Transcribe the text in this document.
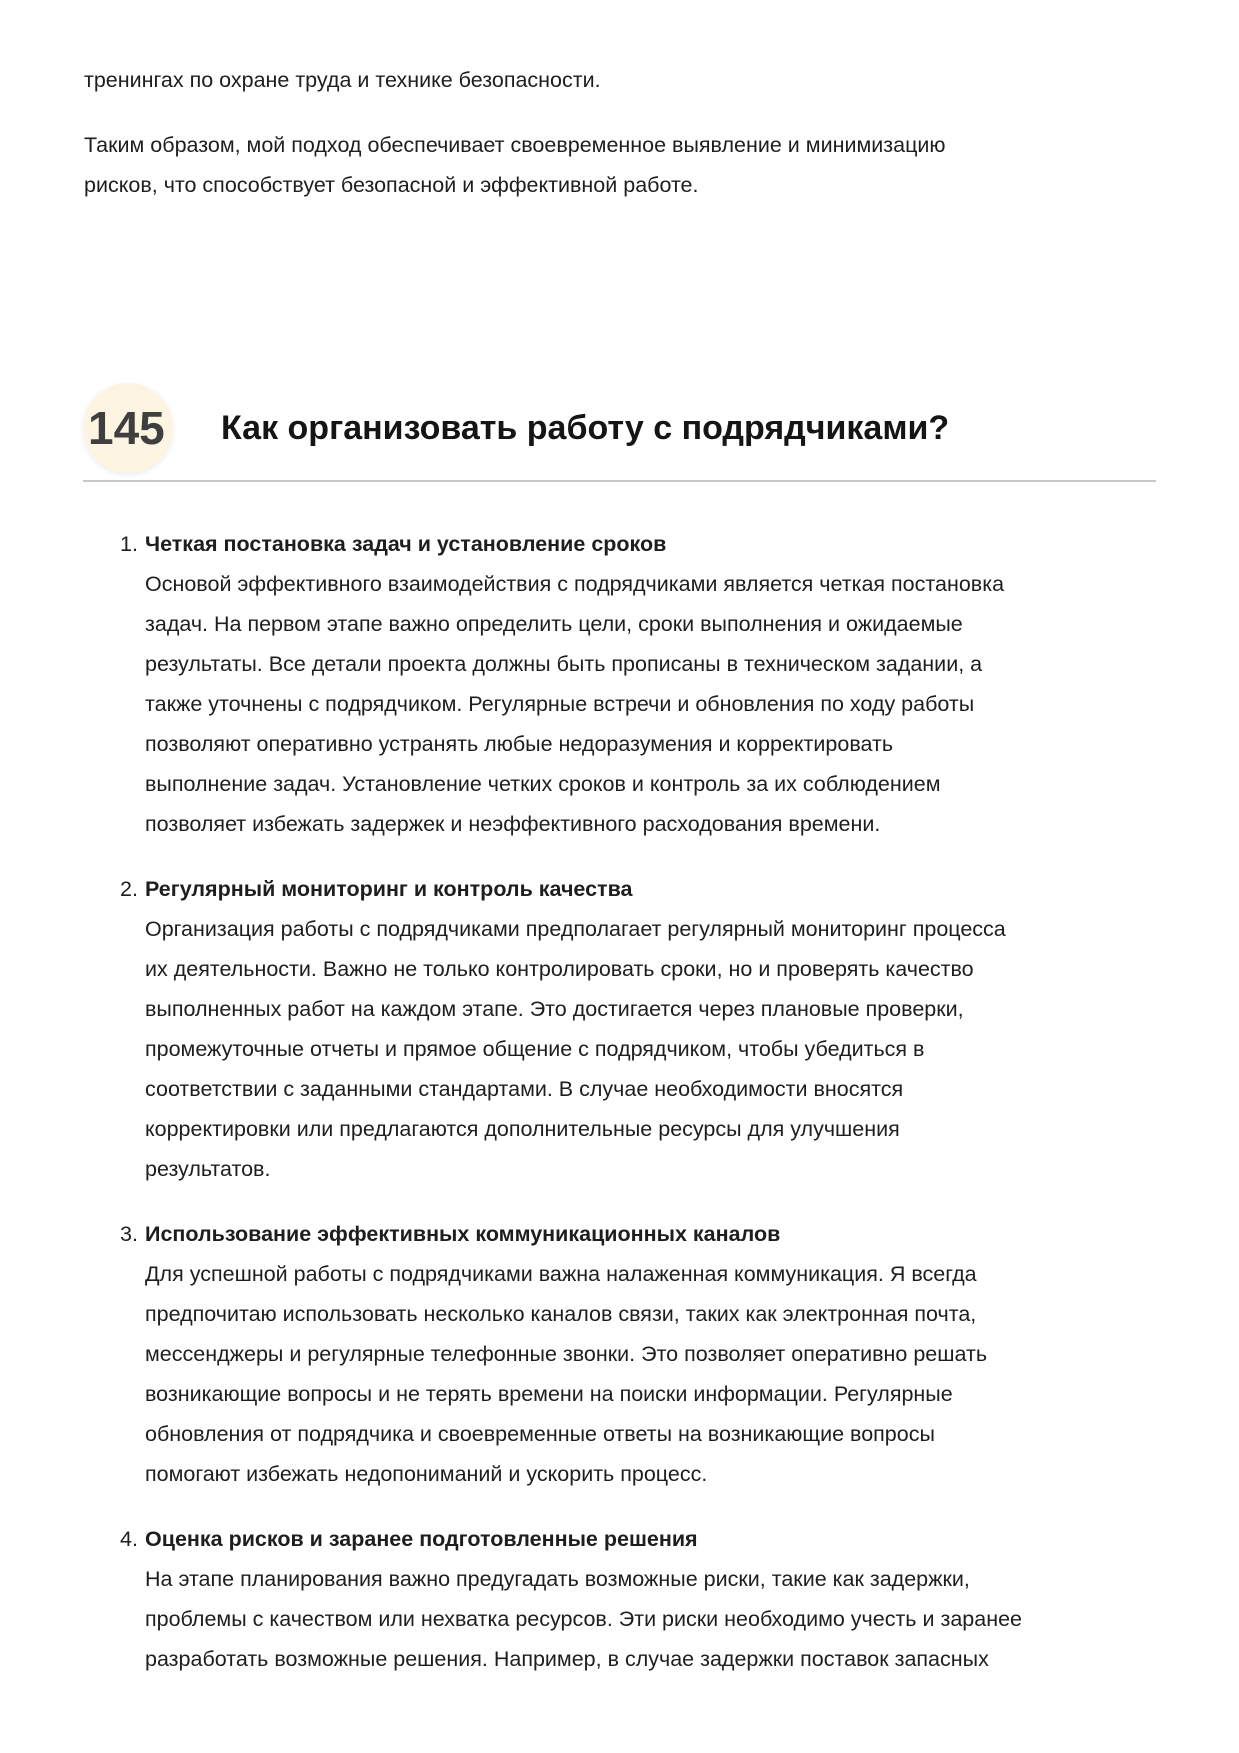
тренингах по охране труда и технике безопасности.
Таким образом, мой подход обеспечивает своевременное выявление и минимизацию
рисков, что способствует безопасной и эффективной работе.
145 Как организовать работу с подрядчиками?
1. Четкая постановка задач и установление сроков
Основой эффективного взаимодействия с подрядчиками является четкая постановка
задач. На первом этапе важно определить цели, сроки выполнения и ожидаемые
результаты. Все детали проекта должны быть прописаны в техническом задании, а
также уточнены с подрядчиком. Регулярные встречи и обновления по ходу работы
позволяют оперативно устранять любые недоразумения и корректировать
выполнение задач. Установление четких сроков и контроль за их соблюдением
позволяет избежать задержек и неэффективного расходования времени.
2. Регулярный мониторинг и контроль качества
Организация работы с подрядчиками предполагает регулярный мониторинг процесса
их деятельности. Важно не только контролировать сроки, но и проверять качество
выполненных работ на каждом этапе. Это достигается через плановые проверки,
промежуточные отчеты и прямое общение с подрядчиком, чтобы убедиться в
соответствии с заданными стандартами. В случае необходимости вносятся
корректировки или предлагаются дополнительные ресурсы для улучшения
результатов.
3. Использование эффективных коммуникационных каналов
Для успешной работы с подрядчиками важна налаженная коммуникация. Я всегда
предпочитаю использовать несколько каналов связи, таких как электронная почта,
мессенджеры и регулярные телефонные звонки. Это позволяет оперативно решать
возникающие вопросы и не терять времени на поиски информации. Регулярные
обновления от подрядчика и своевременные ответы на возникающие вопросы
помогают избежать недопониманий и ускорить процесс.
4. Оценка рисков и заранее подготовленные решения
На этапе планирования важно предугадать возможные риски, такие как задержки,
проблемы с качеством или нехватка ресурсов. Эти риски необходимо учесть и заранее
разработать возможные решения. Например, в случае задержки поставок запасных
